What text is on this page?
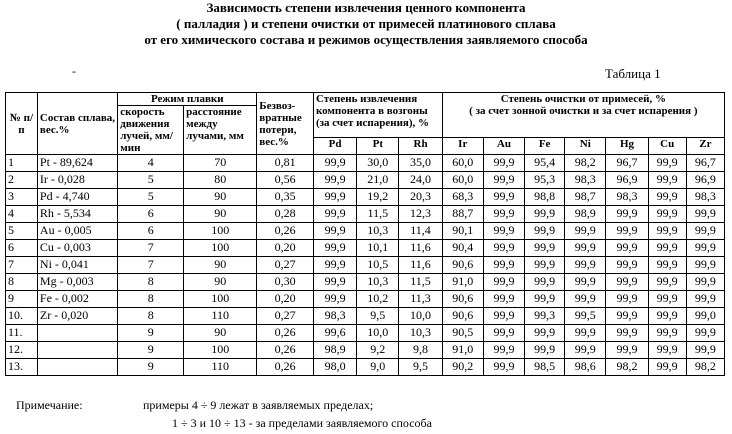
Зависимость степени извлечения ценного компонента
( палладия ) и степени очистки от примесей платинового сплава
от его химического состава и режимов осуществления заявляемого способа
-	Таблица 1
№ п/п	Состав сплава, вес.%	Режим плавки		Безвоз-вратные потери, вес.%	Степень извлечения компонента в возгоны (за счет испарения), %			Степень очистки от примесей, %
( за счет зонной очистки и за счет испарения )						
		скорость движения лучей, мм/мин	расстояние между лучами, мм											
					Pd	Pt	Rh	Ir	Au	Fe	Ni	Hg	Cu	Zr
1	Pt - 89,624	4	70	0,81	99,9	30,0	35,0	60,0	99,9	95,4	98,2	96,7	99,9	96,7
2	Ir - 0,028	5	80	0,56	99,9	21,0	24,0	60,0	99,9	95,3	98,3	96,9	99,9	96,9
3	Pd - 4,740	5	90	0,35	99,9	19,2	20,3	68,3	99,9	98,8	98,7	98,3	99,9	98,3
4	Rh - 5,534	6	90	0,28	99,9	11,5	12,3	88,7	99,9	99,9	98,9	99,9	99,9	99,9
5	Au - 0,005	6	100	0,26	99,9	10,3	11,4	90,1	99,9	99,9	99,9	99,9	99,9	99,9
6	Cu - 0,003	7	100	0,20	99,9	10,1	11,6	90,4	99,9	99,9	99,9	99,9	99,9	99,9
7	Ni - 0,041	7	90	0,27	99,9	10,5	11,6	90,6	99,9	99,9	99,9	99,9	99,9	99,9
8	Mg - 0,003	8	90	0,30	99,9	10,3	11,5	91,0	99,9	99,9	99,9	99,9	99,9	99,9
9	Fe - 0,002	8	100	0,20	99,9	10,2	11,3	90,6	99,9	99,9	99,9	99,9	99,9	99,9
10.	Zr - 0,020	8	110	0,27	98,3	9,5	10,0	90,6	99,9	99,3	99,5	99,9	99,9	99,0
11.		9	90	0,26	99,6	10,0	10,3	90,5	99,9	99,9	99,9	99,9	99,9	99,9
12.		9	100	0,26	98,9	9,2	9,8	91,0	99,9	99,9	99,9	99,9	99,9	99,9
13.		9	110	0,26	98,0	9,0	9,5	90,2	99,9	98,5	98,6	98,2	99,9	98,2
Примечание:	примеры 4 ÷ 9 лежат в заявляемых пределах;
1 ÷ 3 и 10 ÷ 13 - за пределами заявляемого способа
